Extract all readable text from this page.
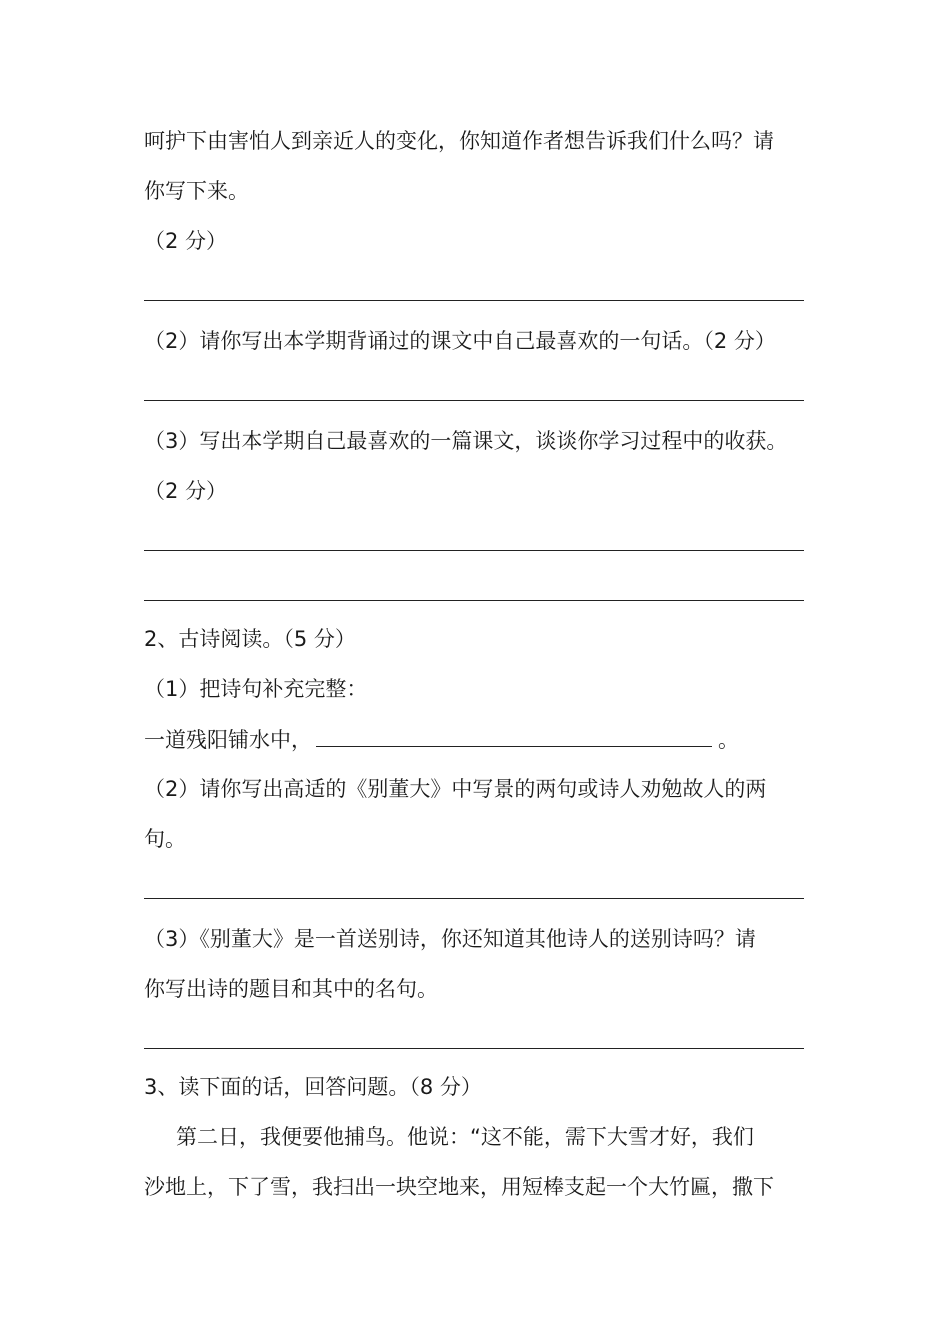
呵护下由害怕人到亲近人的变化，你知道作者想告诉我们什么吗？请
你写下来。
（2 分）
（2）请你写出本学期背诵过的课文中自己最喜欢的一句话。（2 分）
（3）写出本学期自己最喜欢的一篇课文，谈谈你学习过程中的收获。
（2 分）
2、古诗阅读。（5 分）
（1）把诗句补充完整：
一道残阳铺水中，	。
（2）请你写出高适的《别董大》中写景的两句或诗人劝勉故人的两
句。
（3）《别董大》是一首送别诗，你还知道其他诗人的送别诗吗？请
你写出诗的题目和其中的名句。
3、读下面的话，回答问题。（8 分）
第二日，我便要他捕鸟。他说：“这不能，需下大雪才好，我们
沙地上，下了雪，我扫出一块空地来，用短棒支起一个大竹匾，撒下
